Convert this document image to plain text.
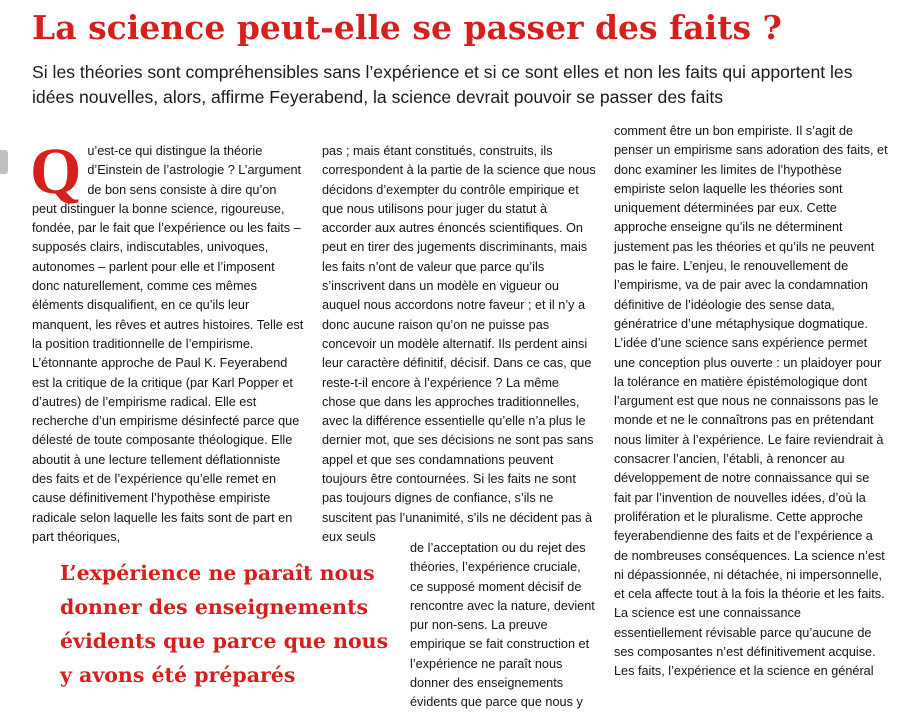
La science peut-elle se passer des faits ?

Si les théories sont compréhensibles sans l’expérience et si ce sont elles et non les faits qui apportent les idées nouvelles, alors, affirme Feyerabend, la science devrait pouvoir se passer des faits

Q u’est-ce qui distingue la théorie d’Einstein de l’astrologie ? L’argument de bon sens consiste à dire qu’on peut distinguer la bonne science, rigoureuse, fondée, par le fait que l’expérience ou les faits – supposés clairs, indiscutables, univoques, autonomes – parlent pour elle et l’imposent donc naturellement, comme ces mêmes éléments disqualifient, en ce qu’ils leur manquent, les rêves et autres histoires. Telle est la position traditionnelle de l’empirisme. L’étonnante approche de Paul K. Feyerabend est la critique de la critique (par Karl Popper et d’autres) de l’empirisme radical. Elle est recherche d’un empirisme désinfecté parce que délesté de toute composante théologique. Elle aboutit à une lecture tellement déflationniste des faits et de l’expérience qu’elle remet en cause définitivement l’hypothèse empiriste radicale selon laquelle les faits sont de part en part théoriques,

pas ; mais étant constitués, construits, ils correspondent à la partie de la science que nous décidons d’exempter du contrôle empirique et que nous utilisons pour juger du statut à accorder aux autres énoncés scientifiques. On peut en tirer des jugements discriminants, mais les faits n’ont de valeur que parce qu’ils s’inscrivent dans un modèle en vigueur ou auquel nous accordons notre faveur ; et il n’y a donc aucune raison qu’on ne puisse pas concevoir un modèle alternatif. Ils perdent ainsi leur caractère définitif, décisif. Dans ce cas, que reste-t-il encore à l’expérience ? La même chose que dans les approches traditionnelles, avec la différence essentielle qu’elle n’a plus le dernier mot, que ses décisions ne sont pas sans appel et que ses condamnations peuvent toujours être contournées. Si les faits ne sont pas toujours dignes de confiance, s’ils ne suscitent pas l’unanimité, s’ils ne décident pas à eux seuls

de l’acceptation ou du rejet des théories, l’expérience cruciale, ce supposé moment décisif de rencontre avec la nature, devient pur non-sens. La preuve empirique se fait construction et l’expérience ne paraît nous donner des enseignements évidents que parce que nous y

comment être un bon empiriste. Il s’agit de penser un empirisme sans adoration des faits, et donc examiner les limites de l’hypothèse empiriste selon laquelle les théories sont uniquement déterminées par eux. Cette approche enseigne qu’ils ne déterminent justement pas les théories et qu’ils ne peuvent pas le faire. L’enjeu, le renouvellement de l’empirisme, va de pair avec la condamnation définitive de l’idéologie des sense data, génératrice d’une métaphysique dogmatique. L’idée d’une science sans expérience permet une conception plus ouverte : un plaidoyer pour la tolérance en matière épistémologique dont l’argument est que nous ne connaissons pas le monde et ne le connaîtrons pas en prétendant nous limiter à l’expérience. Le faire reviendrait à consacrer l’ancien, l’établi, à renoncer au développement de notre connaissance qui se fait par l’invention de nouvelles idées, d’où la prolifération et le pluralisme. Cette approche feyerabendienne des faits et de l’expérience a de nombreuses conséquences. La science n’est ni dépassionnée, ni détachée, ni impersonnelle, et cela affecte tout à la fois la théorie et les faits. La science est une connaissance essentiellement révisable parce qu’aucune de ses composantes n’est définitivement acquise. Les faits, l’expérience et la science en général

L’expérience ne paraît nous donner des enseignements évidents que parce que nous y avons été préparés
